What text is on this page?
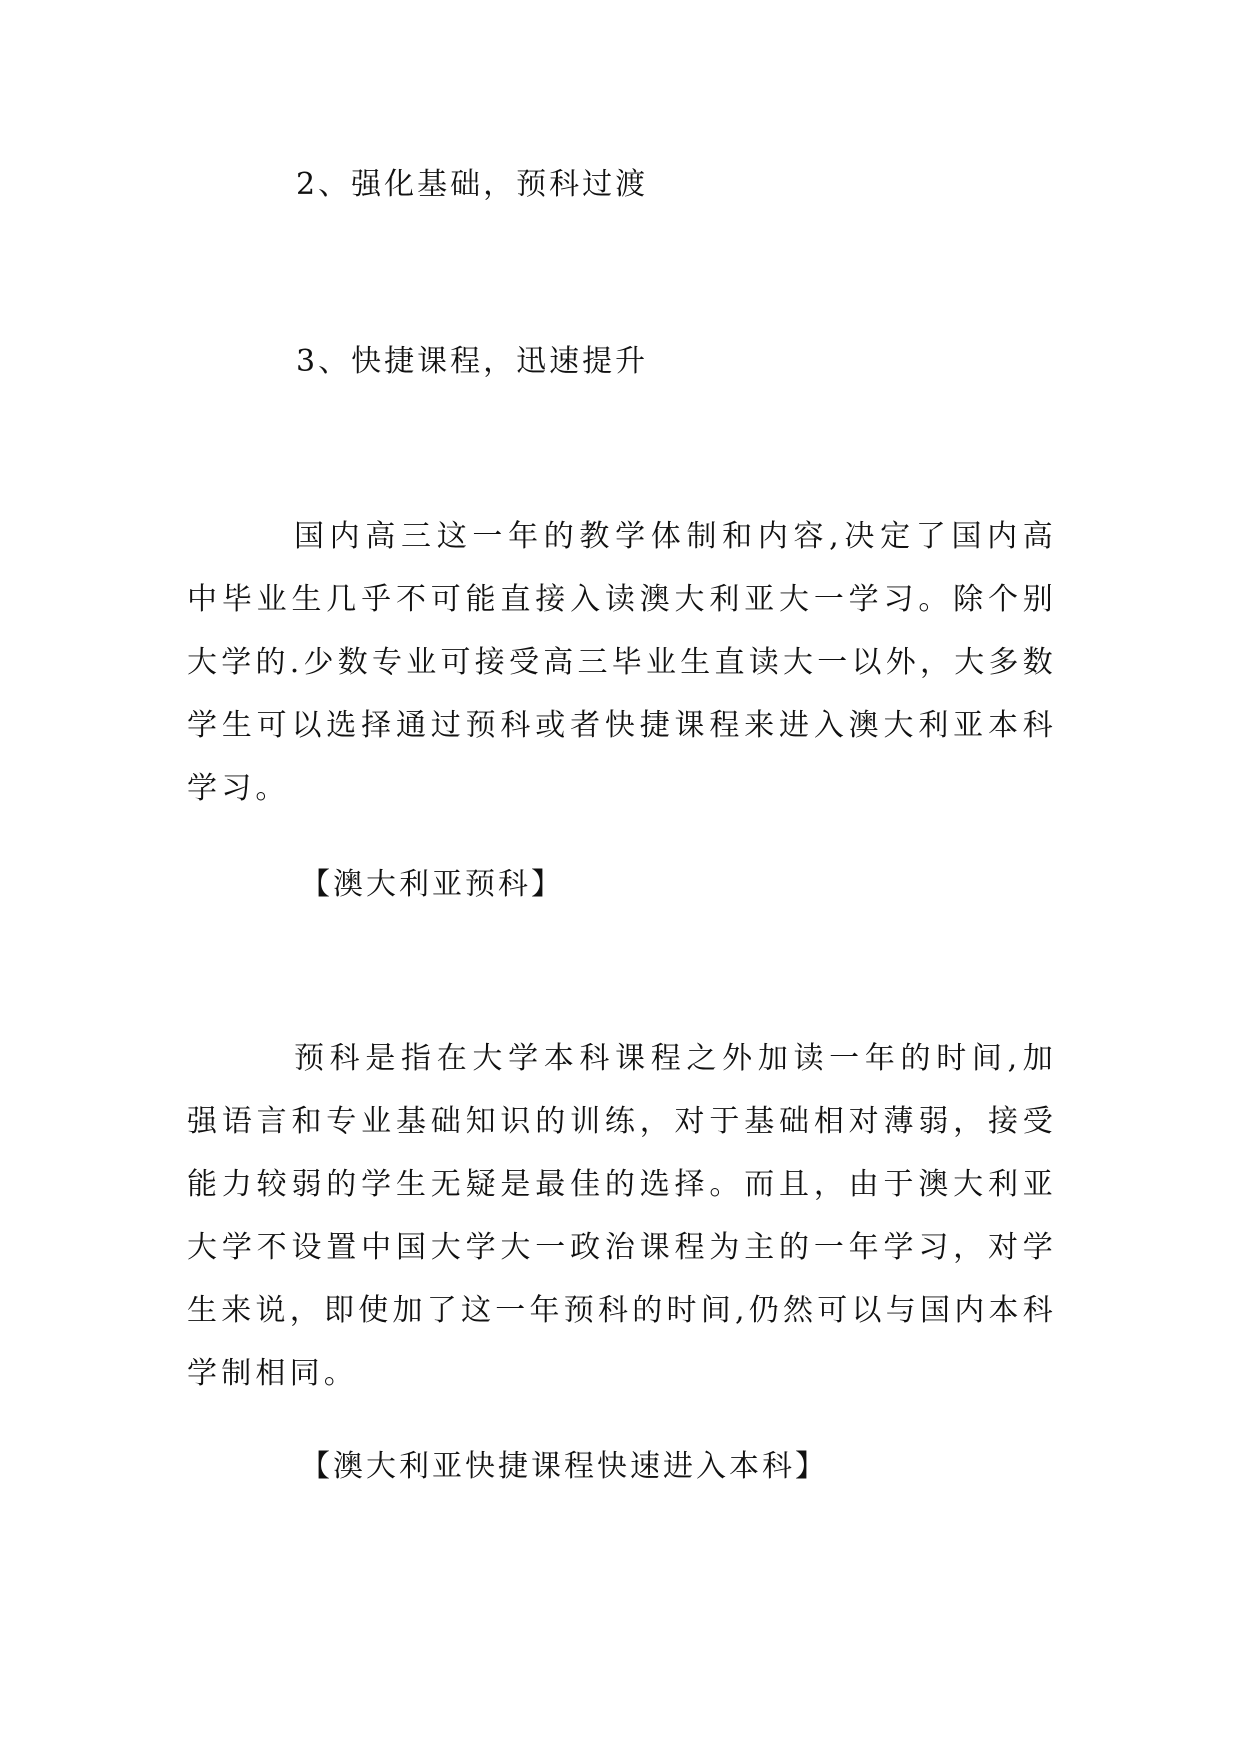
2、强化基础，预科过渡
3、快捷课程，迅速提升

国内高三这一年的教学体制和内容,决定了国内高中毕业生几乎不可能直接入读澳大利亚大一学习。除个别大学的.少数专业可接受高三毕业生直读大一以外，大多数学生可以选择通过预科或者快捷课程来进入澳大利亚本科学习。

【澳大利亚预科】

预科是指在大学本科课程之外加读一年的时间,加强语言和专业基础知识的训练，对于基础相对薄弱，接受能力较弱的学生无疑是最佳的选择。而且，由于澳大利亚大学不设置中国大学大一政治课程为主的一年学习，对学生来说，即使加了这一年预科的时间,仍然可以与国内本科学制相同。

【澳大利亚快捷课程快速进入本科】
